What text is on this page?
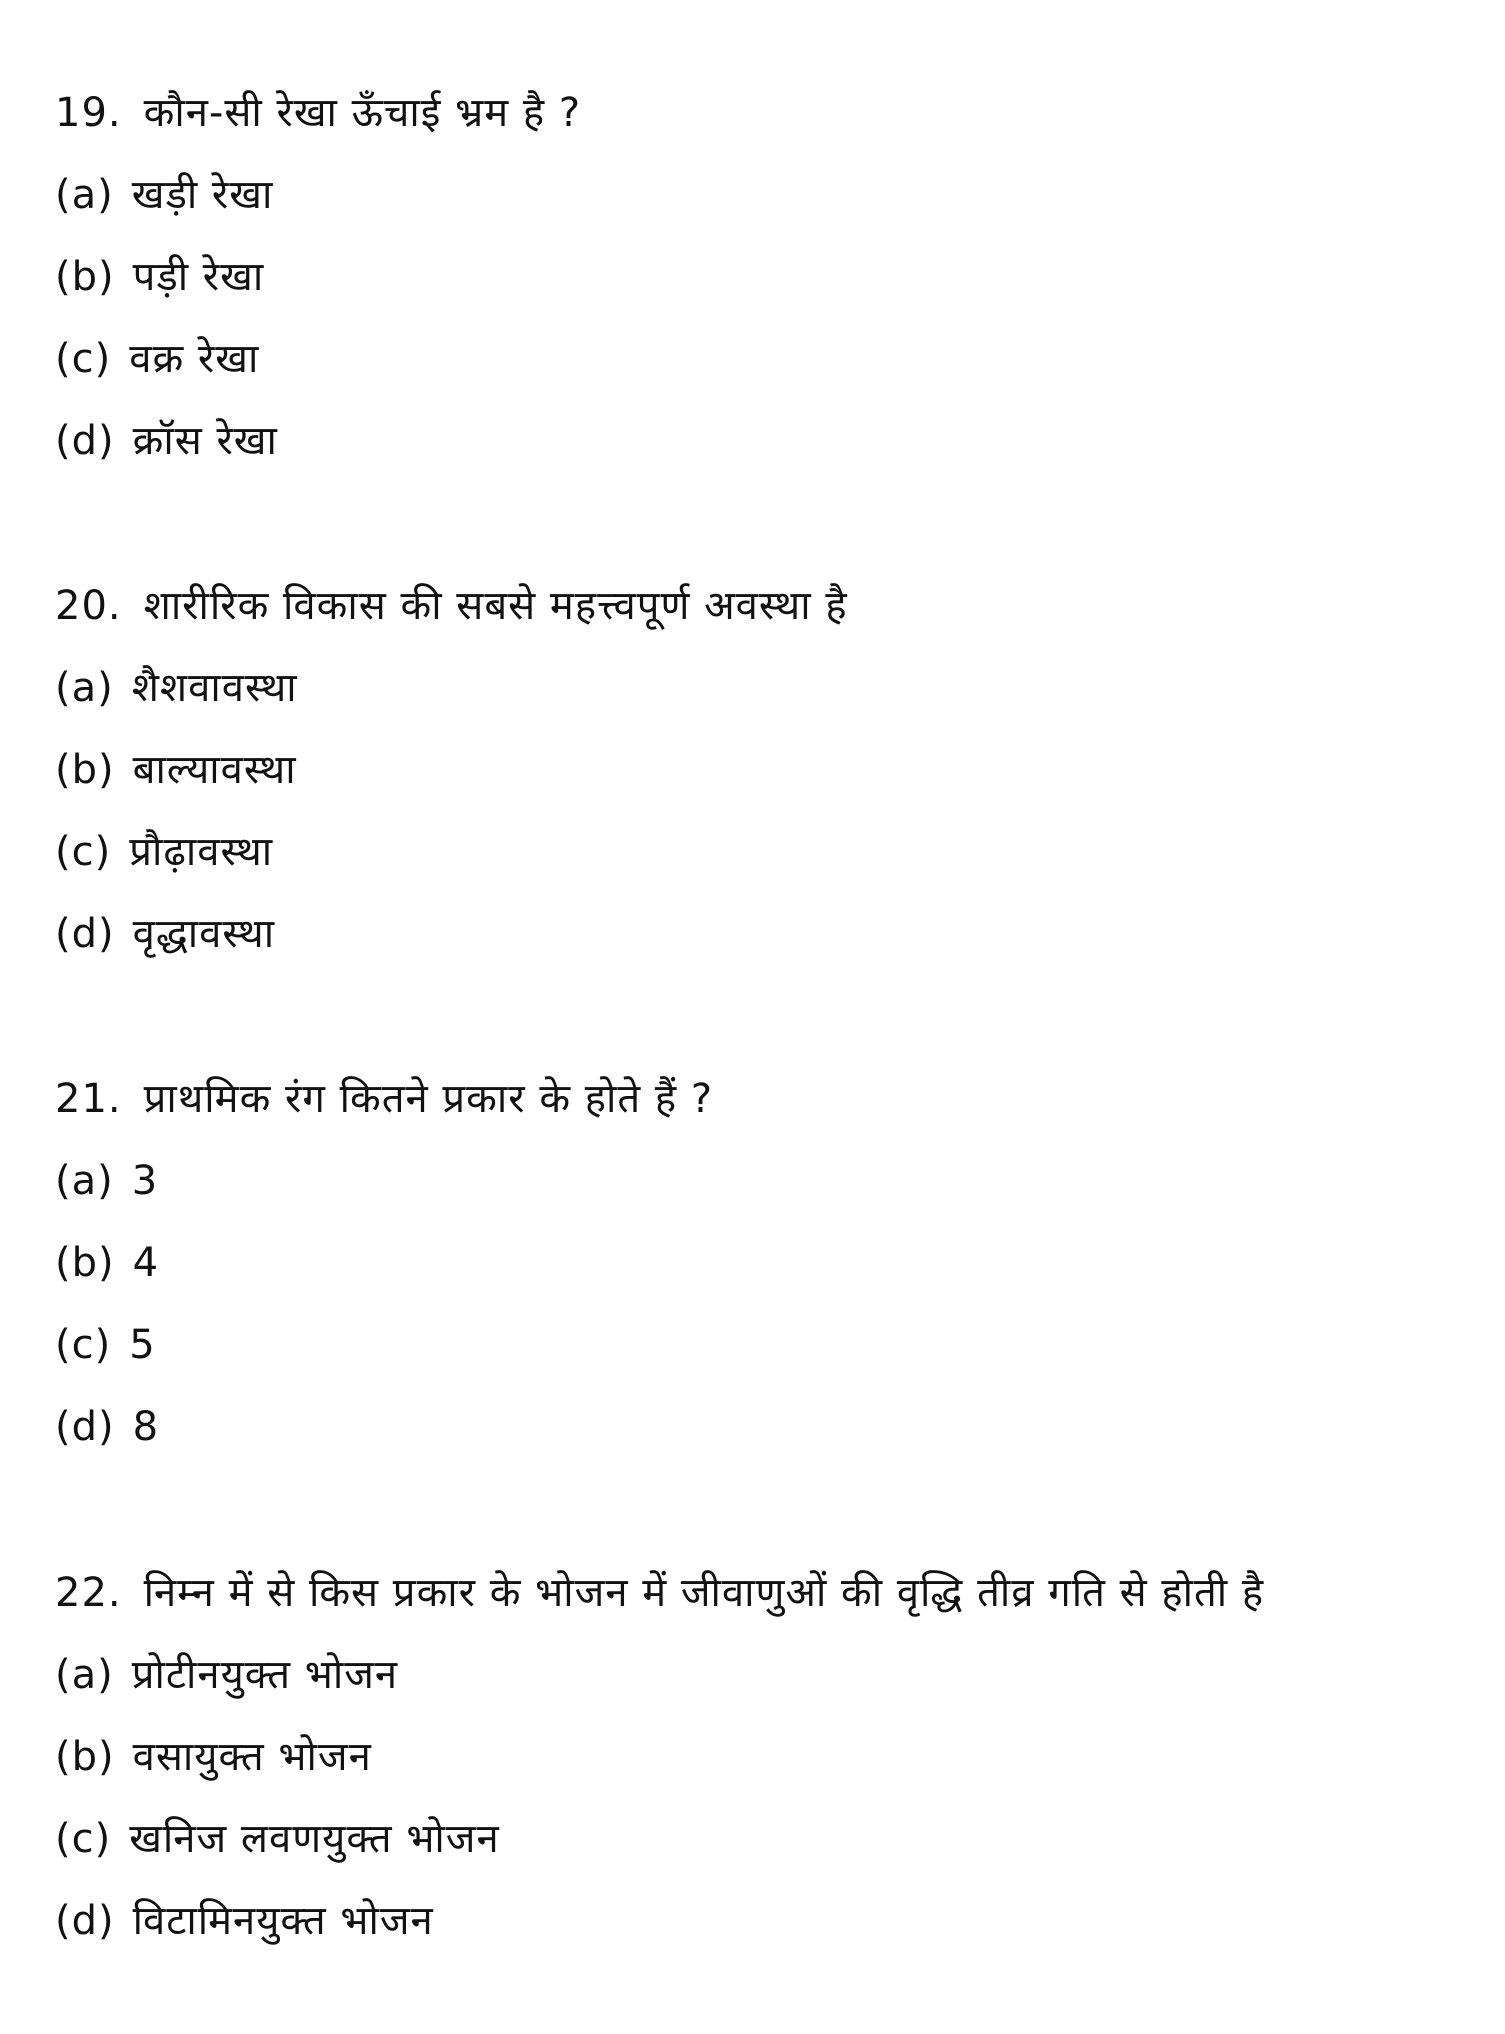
19. कौन-सी रेखा ऊँचाई भ्रम है ?
(a) खड़ी रेखा
(b) पड़ी रेखा
(c) वक्र रेखा
(d) क्रॉस रेखा
20. शारीरिक विकास की सबसे महत्त्वपूर्ण अवस्था है
(a) शैशवावस्था
(b) बाल्यावस्था
(c) प्रौढ़ावस्था
(d) वृद्धावस्था
21. प्राथमिक रंग कितने प्रकार के होते हैं ?
(a) 3
(b) 4
(c) 5
(d) 8
22. निम्न में से किस प्रकार के भोजन में जीवाणुओं की वृद्धि तीव्र गति से होती है
(a) प्रोटीनयुक्त भोजन
(b) वसायुक्त भोजन
(c) खनिज लवणयुक्त भोजन
(d) विटामिनयुक्त भोजन
